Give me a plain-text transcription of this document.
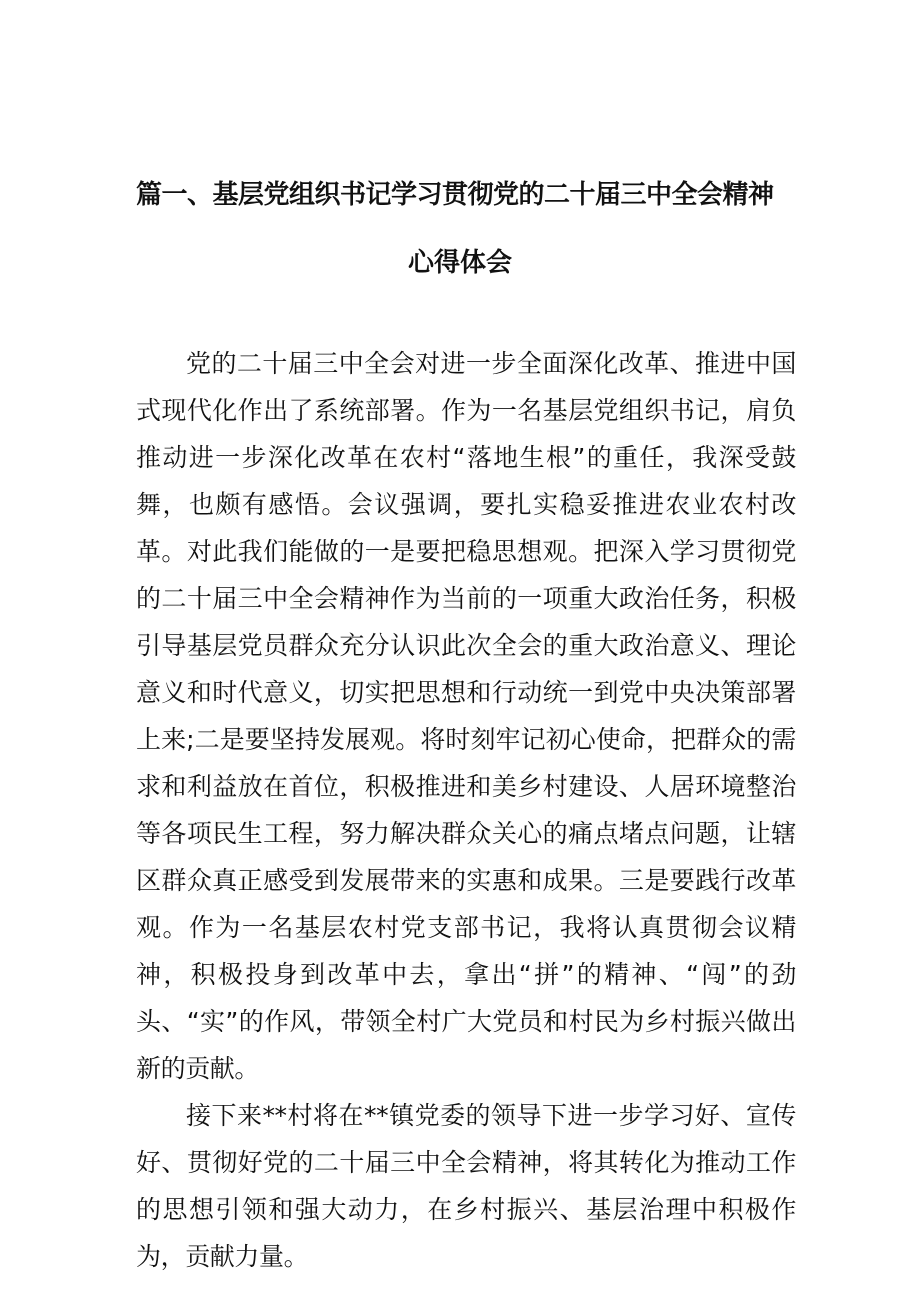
篇一、基层党组织书记学习贯彻党的二十届三中全会精神
心得体会

党的二十届三中全会对进一步全面深化改革、推进中国式现代化作出了系统部署。作为一名基层党组织书记，肩负推动进一步深化改革在农村“落地生根”的重任，我深受鼓舞，也颇有感悟。会议强调，要扎实稳妥推进农业农村改革。对此我们能做的一是要把稳思想观。把深入学习贯彻党的二十届三中全会精神作为当前的一项重大政治任务，积极引导基层党员群众充分认识此次全会的重大政治意义、理论意义和时代意义，切实把思想和行动统一到党中央决策部署上来;二是要坚持发展观。将时刻牢记初心使命，把群众的需求和利益放在首位，积极推进和美乡村建设、人居环境整治等各项民生工程，努力解决群众关心的痛点堵点问题，让辖区群众真正感受到发展带来的实惠和成果。三是要践行改革观。作为一名基层农村党支部书记，我将认真贯彻会议精神，积极投身到改革中去，拿出“拼”的精神、“闯”的劲头、“实”的作风，带领全村广大党员和村民为乡村振兴做出新的贡献。

接下来**村将在**镇党委的领导下进一步学习好、宣传好、贯彻好党的二十届三中全会精神，将其转化为推动工作的思想引领和强大动力，在乡村振兴、基层治理中积极作为，贡献力量。
